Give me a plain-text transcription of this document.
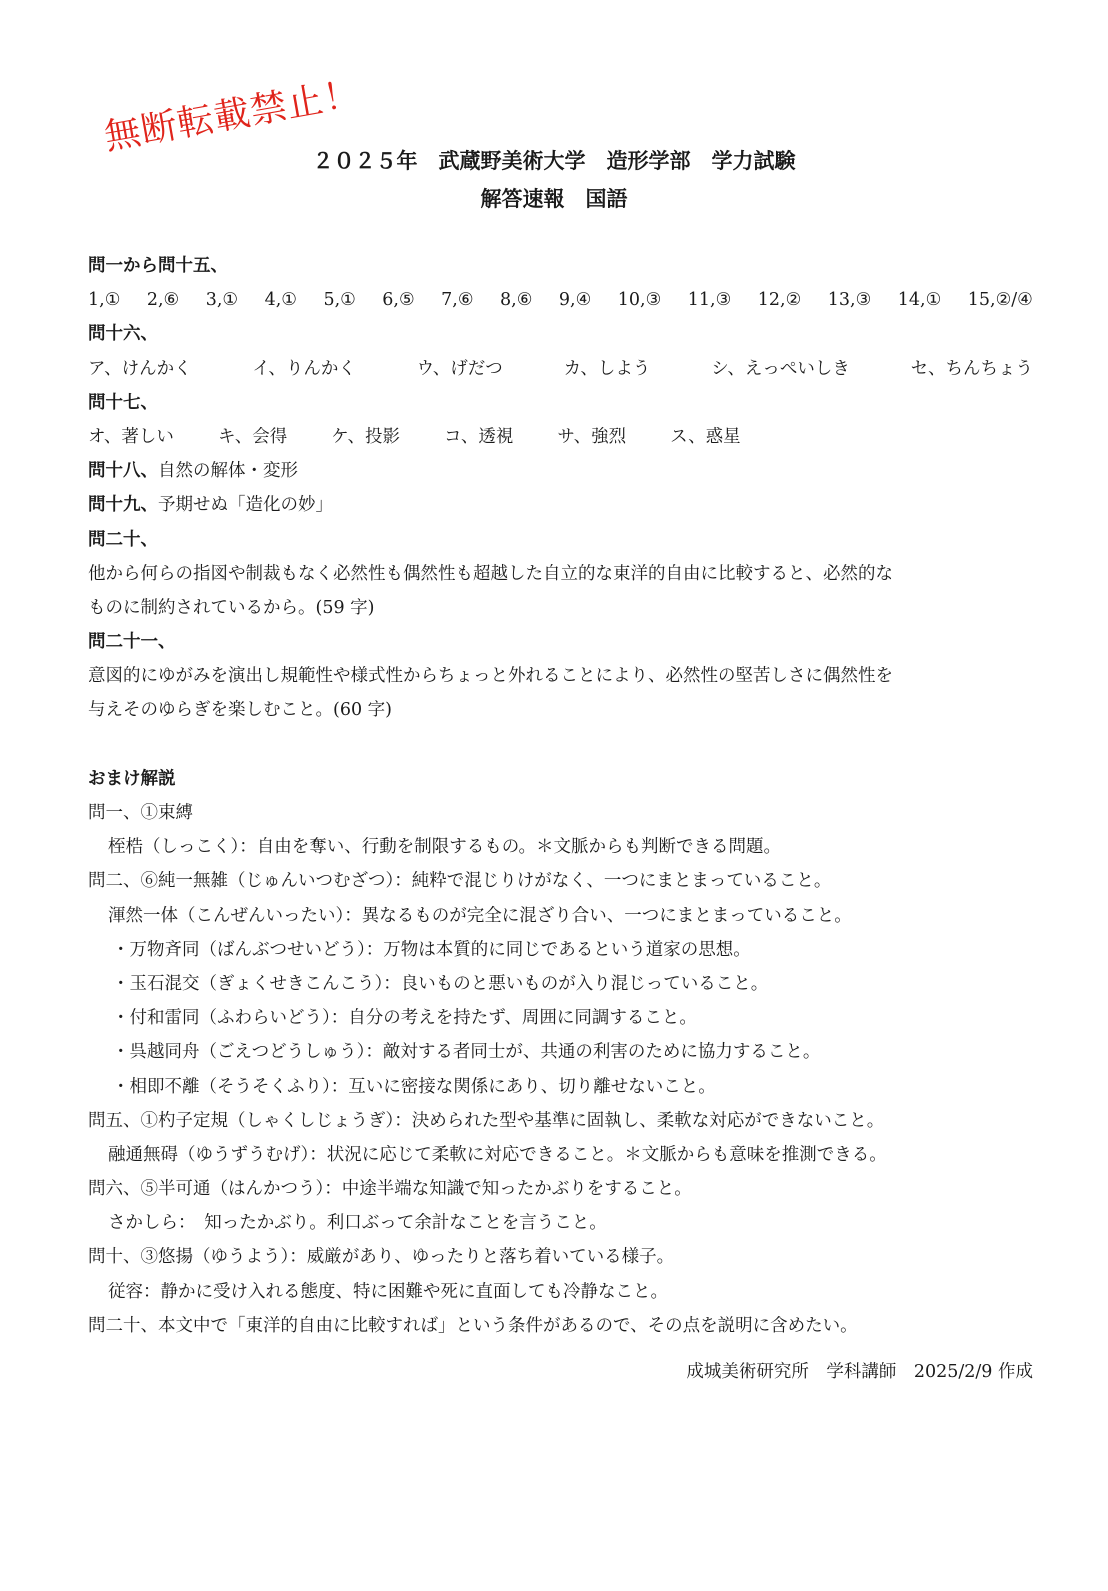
無断転載禁止！
２０２５年　武蔵野美術大学　造形学部　学力試験
解答速報　国語
問一から問十五、
1,① 2,⑥ 3,① 4,① 5,① 6,⑤ 7,⑥ 8,⑥ 9,④ 10,③ 11,③ 12,② 13,③ 14,① 15,②/④
問十六、
ア、けんかく	イ、りんかく	ウ、げだつ	カ、しよう	シ、えっぺいしき	セ、ちんちょう
問十七、
オ、著しい	キ、会得	ケ、投影	コ、透視	サ、強烈	ス、惑星
問十八、自然の解体・変形
問十九、予期せぬ「造化の妙」
問二十、
他から何らの指図や制裁もなく必然性も偶然性も超越した自立的な東洋的自由に比較すると、必然的な
ものに制約されているから。(59 字)
問二十一、
意図的にゆがみを演出し規範性や様式性からちょっと外れることにより、必然性の堅苦しさに偶然性を
与えそのゆらぎを楽しむこと。(60 字)
おまけ解説
問一、①束縛
桎梏（しっこく）：自由を奪い、行動を制限するもの。＊文脈からも判断できる問題。
問二、⑥純一無雑（じゅんいつむざつ）：純粋で混じりけがなく、一つにまとまっていること。
渾然一体（こんぜんいったい）：異なるものが完全に混ざり合い、一つにまとまっていること。
・万物斉同（ばんぶつせいどう）：万物は本質的に同じであるという道家の思想。
・玉石混交（ぎょくせきこんこう）：良いものと悪いものが入り混じっていること。
・付和雷同（ふわらいどう）：自分の考えを持たず、周囲に同調すること。
・呉越同舟（ごえつどうしゅう）：敵対する者同士が、共通の利害のために協力すること。
・相即不離（そうそくふり）：互いに密接な関係にあり、切り離せないこと。
問五、①杓子定規（しゃくしじょうぎ）：決められた型や基準に固執し、柔軟な対応ができないこと。
融通無碍（ゆうずうむげ）：状況に応じて柔軟に対応できること。＊文脈からも意味を推測できる。
問六、⑤半可通（はんかつう）：中途半端な知識で知ったかぶりをすること。
さかしら：　知ったかぶり。利口ぶって余計なことを言うこと。
問十、③悠揚（ゆうよう）：威厳があり、ゆったりと落ち着いている様子。
従容：静かに受け入れる態度、特に困難や死に直面しても冷静なこと。
問二十、本文中で「東洋的自由に比較すれば」という条件があるので、その点を説明に含めたい。
成城美術研究所　学科講師　2025/2/9 作成
